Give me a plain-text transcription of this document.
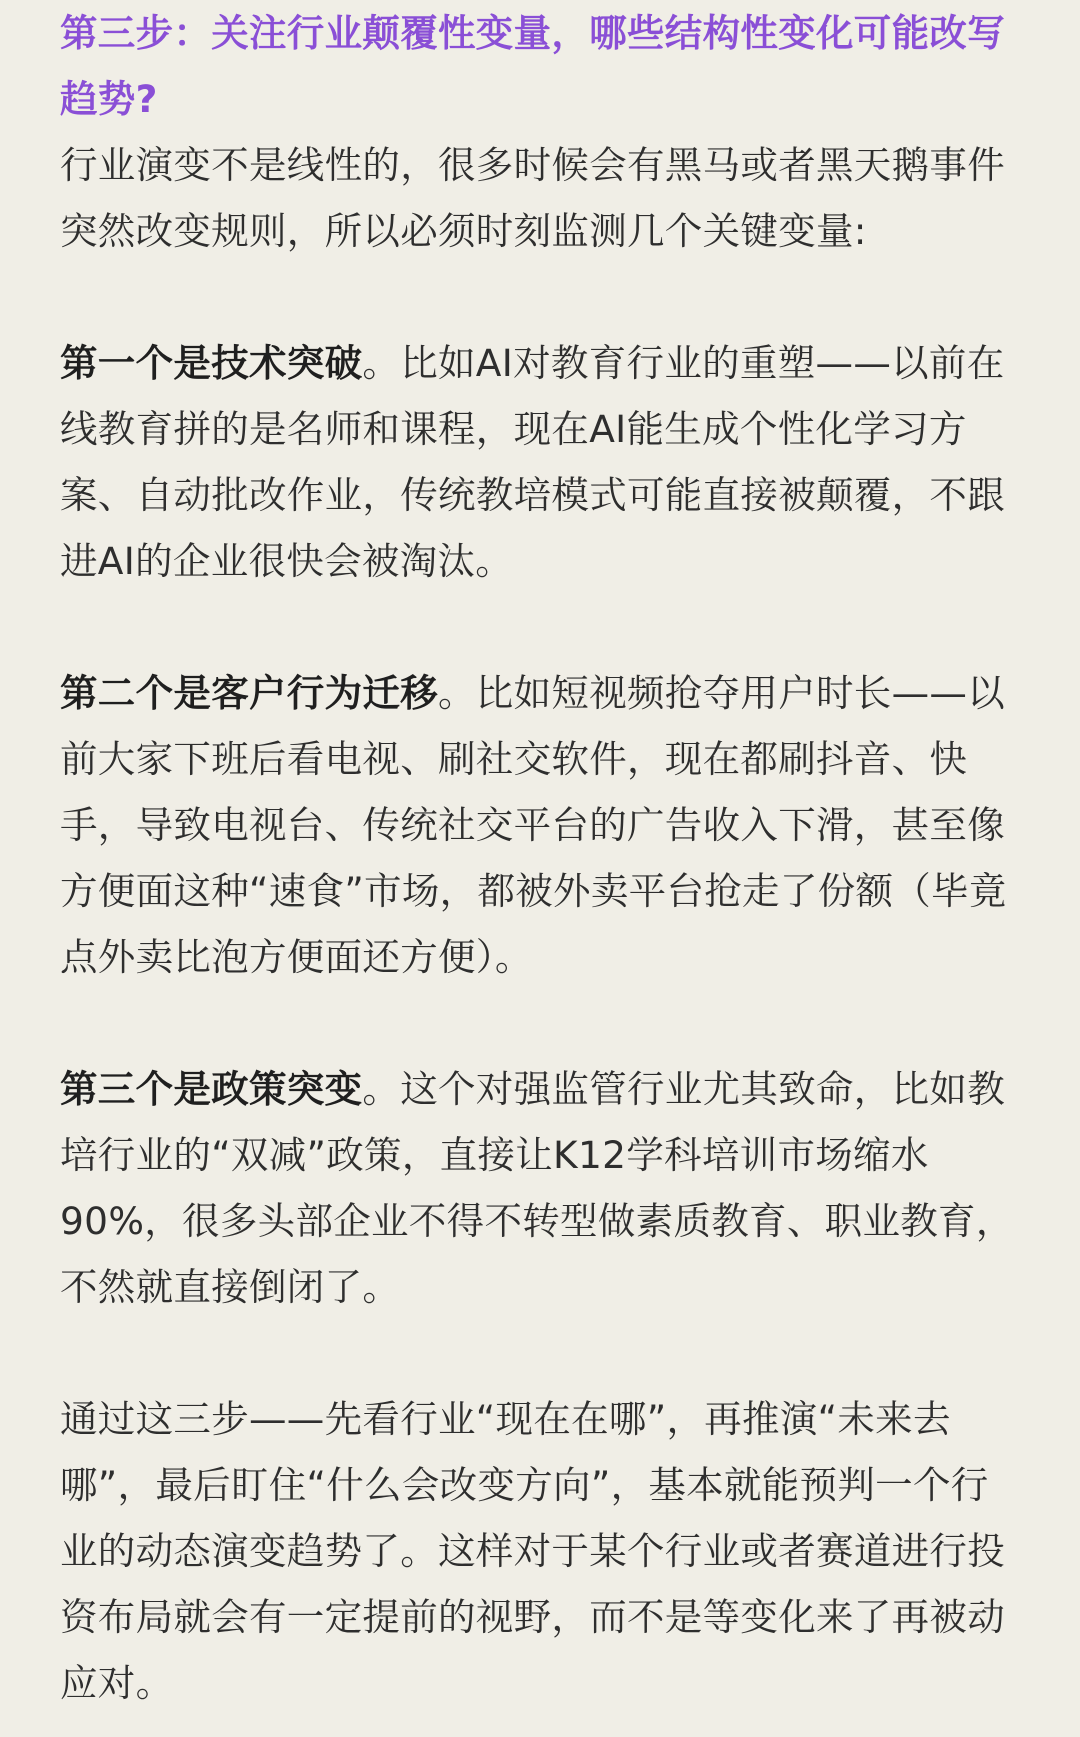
第三步：关注行业颠覆性变量，哪些结构性变化可能改写趋势?

行业演变不是线性的，很多时候会有黑马或者黑天鹅事件突然改变规则，所以必须时刻监测几个关键变量:

第一个是技术突破。比如AI对教育行业的重塑——以前在线教育拼的是名师和课程，现在AI能生成个性化学习方案、自动批改作业，传统教培模式可能直接被颠覆，不跟进AI的企业很快会被淘汰。

第二个是客户行为迁移。比如短视频抢夺用户时长——以前大家下班后看电视、刷社交软件，现在都刷抖音、快手，导致电视台、传统社交平台的广告收入下滑，甚至像方便面这种“速食”市场，都被外卖平台抢走了份额（毕竟点外卖比泡方便面还方便）。

第三个是政策突变。这个对强监管行业尤其致命，比如教培行业的“双减”政策，直接让K12学科培训市场缩水90%，很多头部企业不得不转型做素质教育、职业教育，不然就直接倒闭了。

通过这三步——先看行业“现在在哪”，再推演“未来去哪”，最后盯住“什么会改变方向”，基本就能预判一个行业的动态演变趋势了。这样对于某个行业或者赛道进行投资布局就会有一定提前的视野，而不是等变化来了再被动应对。
